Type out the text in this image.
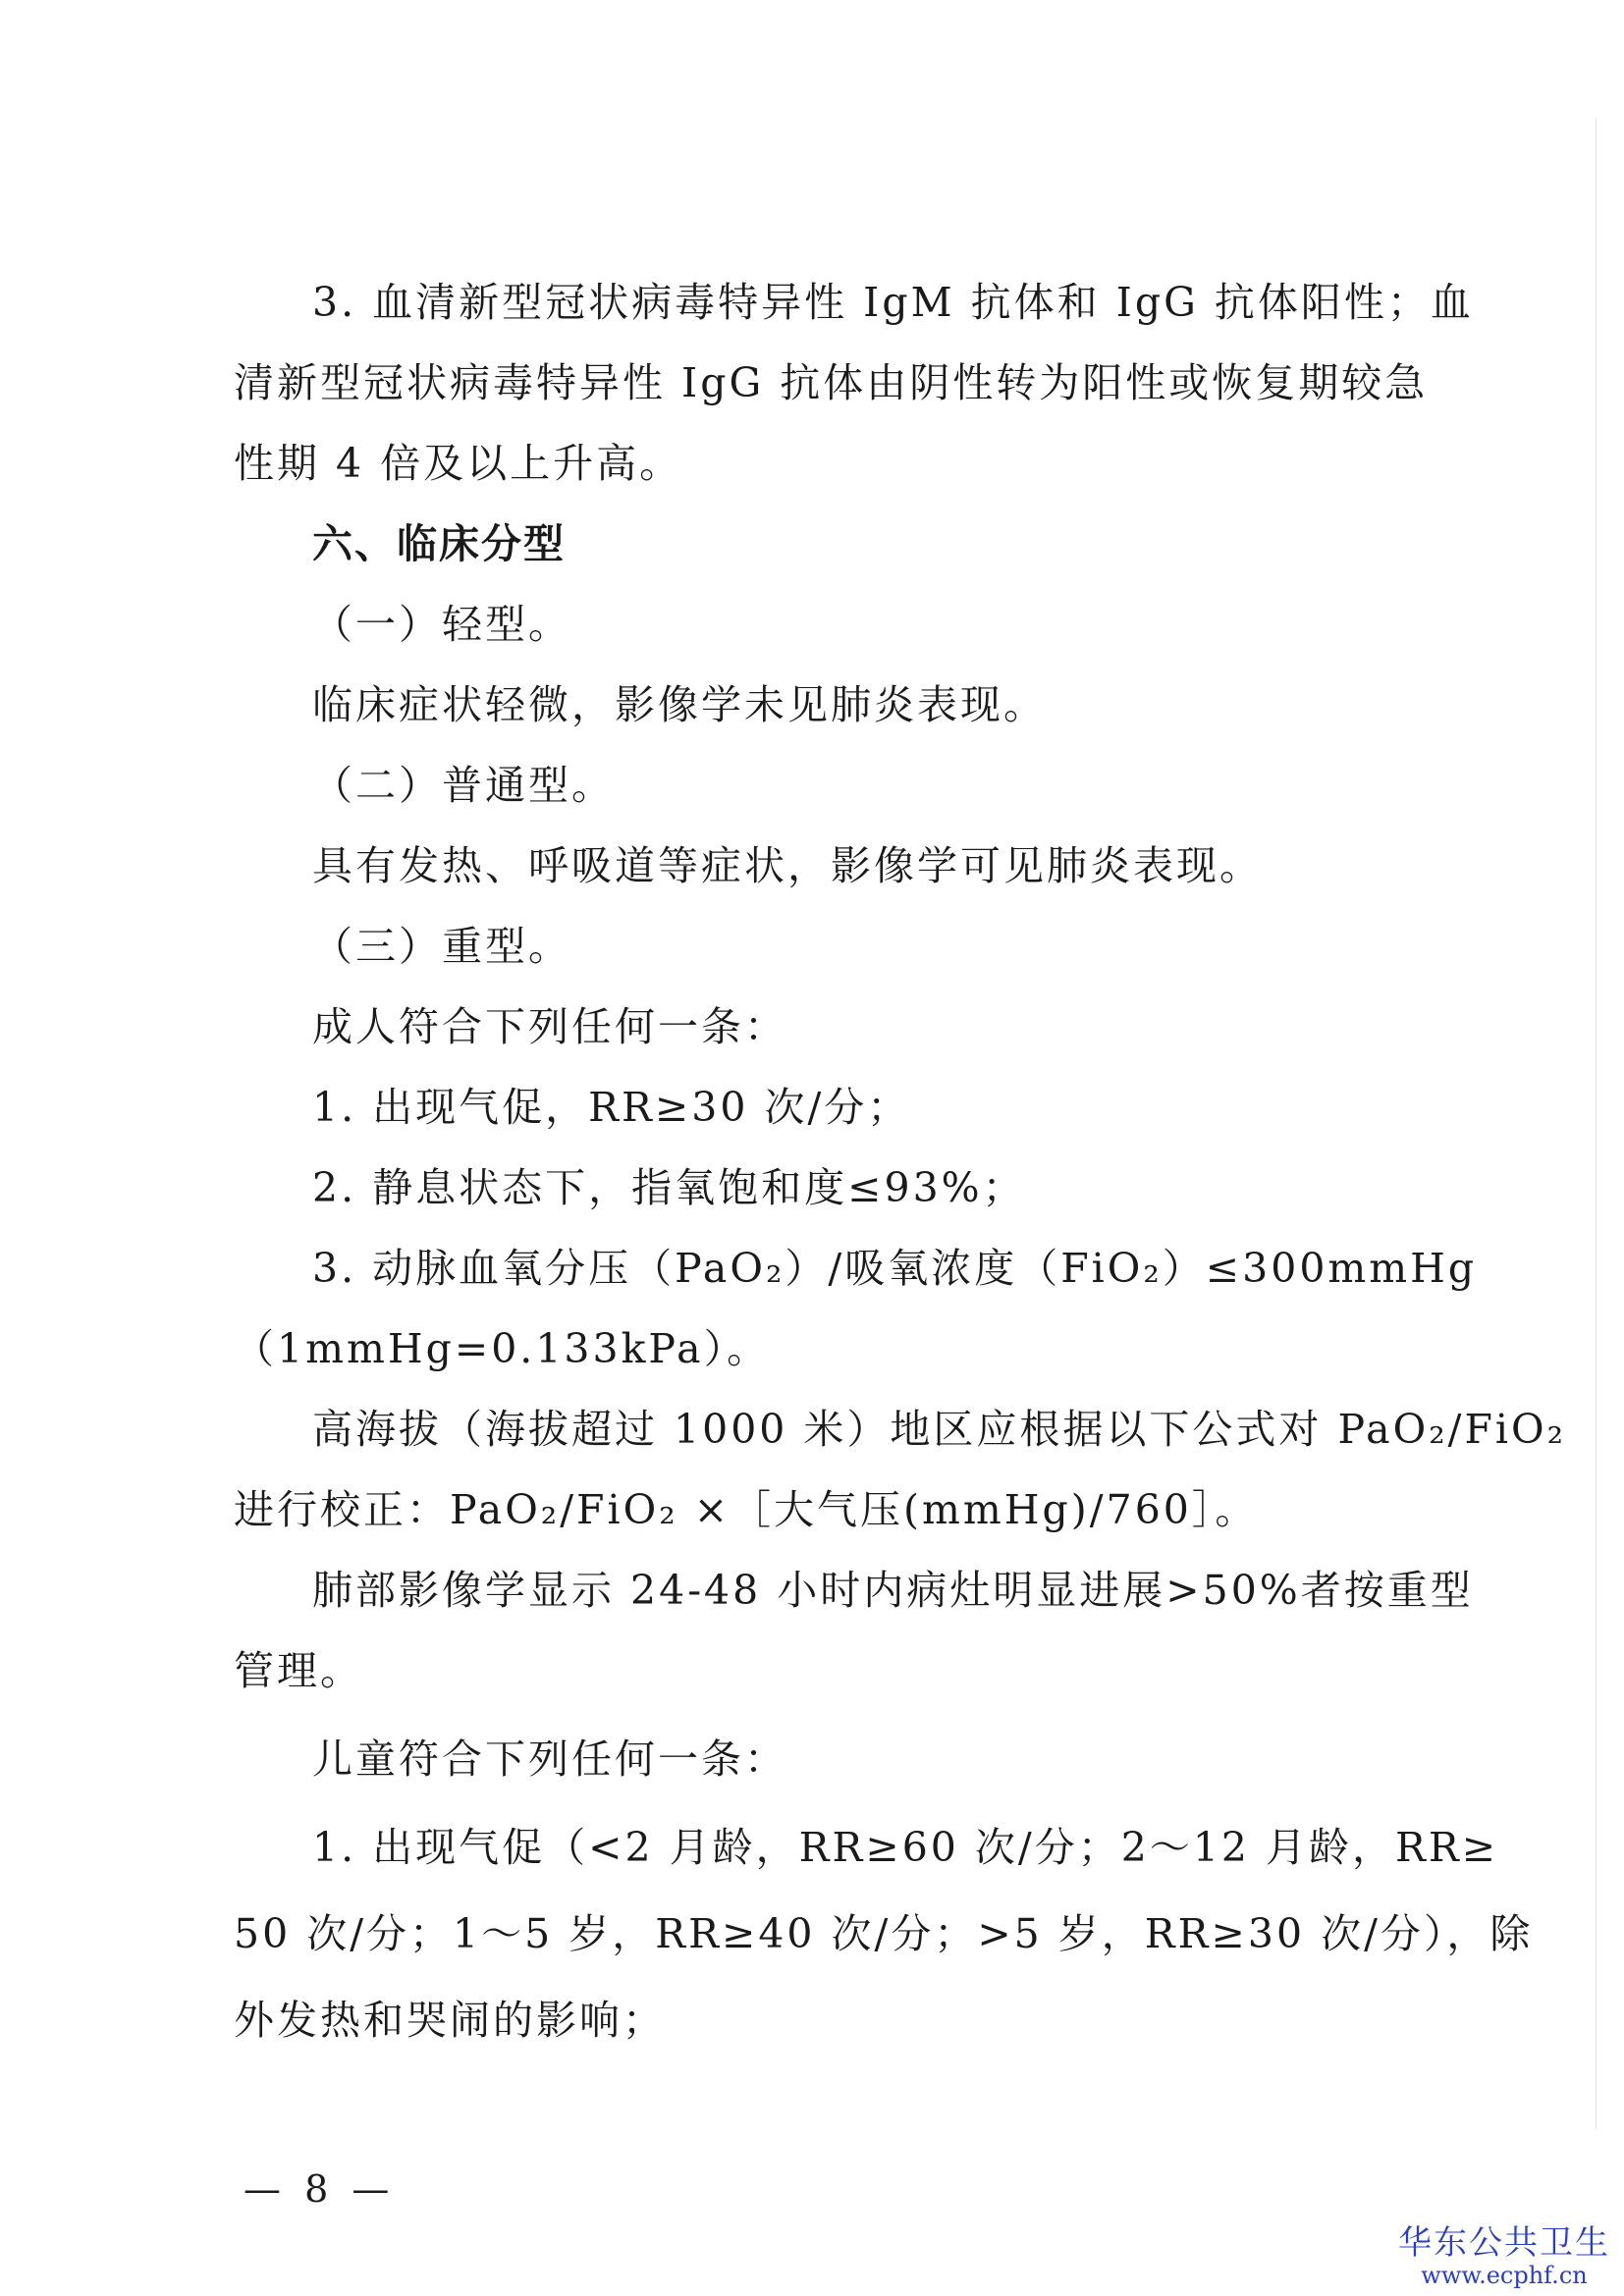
3. 血清新型冠状病毒特异性 IgM 抗体和 IgG 抗体阳性；血
清新型冠状病毒特异性 IgG 抗体由阴性转为阳性或恢复期较急
性期 4 倍及以上升高。
六、临床分型
（一）轻型。
临床症状轻微，影像学未见肺炎表现。
（二）普通型。
具有发热、呼吸道等症状，影像学可见肺炎表现。
（三）重型。
成人符合下列任何一条：
1. 出现气促，RR≥30 次/分；
2. 静息状态下，指氧饱和度≤93%；
3. 动脉血氧分压（PaO₂）/吸氧浓度（FiO₂）≤300mmHg
（1mmHg=0.133kPa）。
高海拔（海拔超过 1000 米）地区应根据以下公式对 PaO₂/FiO₂
进行校正：PaO₂/FiO₂ ×［大气压(mmHg)/760］。
肺部影像学显示 24-48 小时内病灶明显进展>50%者按重型
管理。
儿童符合下列任何一条：
1. 出现气促（<2 月龄，RR≥60 次/分；2～12 月龄，RR≥
50 次/分；1～5 岁，RR≥40 次/分；>5 岁，RR≥30 次/分），除
外发热和哭闹的影响；
— 8 —
华东公共卫生
www.ecphf.cn
